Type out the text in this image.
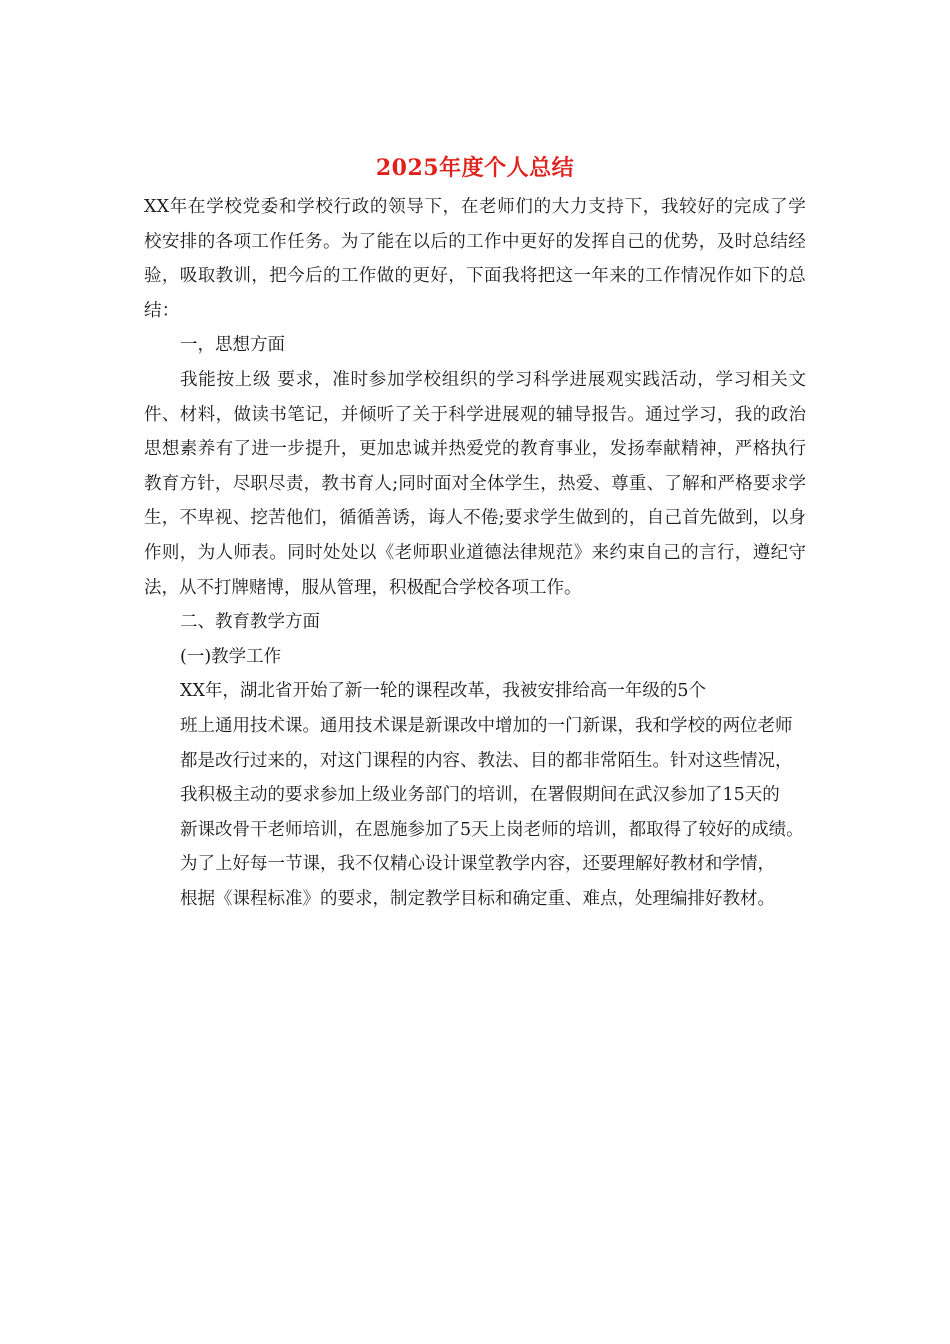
2025年度个人总结

XX年在学校党委和学校行政的领导下，在老师们的大力支持下，我较好的完成了学校安排的各项工作任务。为了能在以后的工作中更好的发挥自己的优势，及时总结经验，吸取教训，把今后的工作做的更好，下面我将把这一年来的工作情况作如下的总结：

一，思想方面

我能按上级 要求，准时参加学校组织的学习科学进展观实践活动，学习相关文件、材料，做读书笔记，并倾听了关于科学进展观的辅导报告。通过学习，我的政治思想素养有了进一步提升，更加忠诚并热爱党的教育事业，发扬奉献精神，严格执行教育方针，尽职尽责，教书育人;同时面对全体学生，热爱、尊重、了解和严格要求学生，不卑视、挖苦他们，循循善诱，诲人不倦;要求学生做到的，自己首先做到，以身作则，为人师表。同时处处以《老师职业道德法律规范》来约束自己的言行，遵纪守法，从不打牌赌博，服从管理，积极配合学校各项工作。

二、教育教学方面

(一)教学工作

XX年，湖北省开始了新一轮的课程改革，我被安排给高一年级的5个

班上通用技术课。通用技术课是新课改中增加的一门新课，我和学校的两位老师

都是改行过来的，对这门课程的内容、教法、目的都非常陌生。针对这些情况，

我积极主动的要求参加上级业务部门的培训，在署假期间在武汉参加了15天的

新课改骨干老师培训，在恩施参加了5天上岗老师的培训，都取得了较好的成绩。

为了上好每一节课，我不仅精心设计课堂教学内容，还要理解好教材和学情，

根据《课程标准》的要求，制定教学目标和确定重、难点，处理编排好教材。
